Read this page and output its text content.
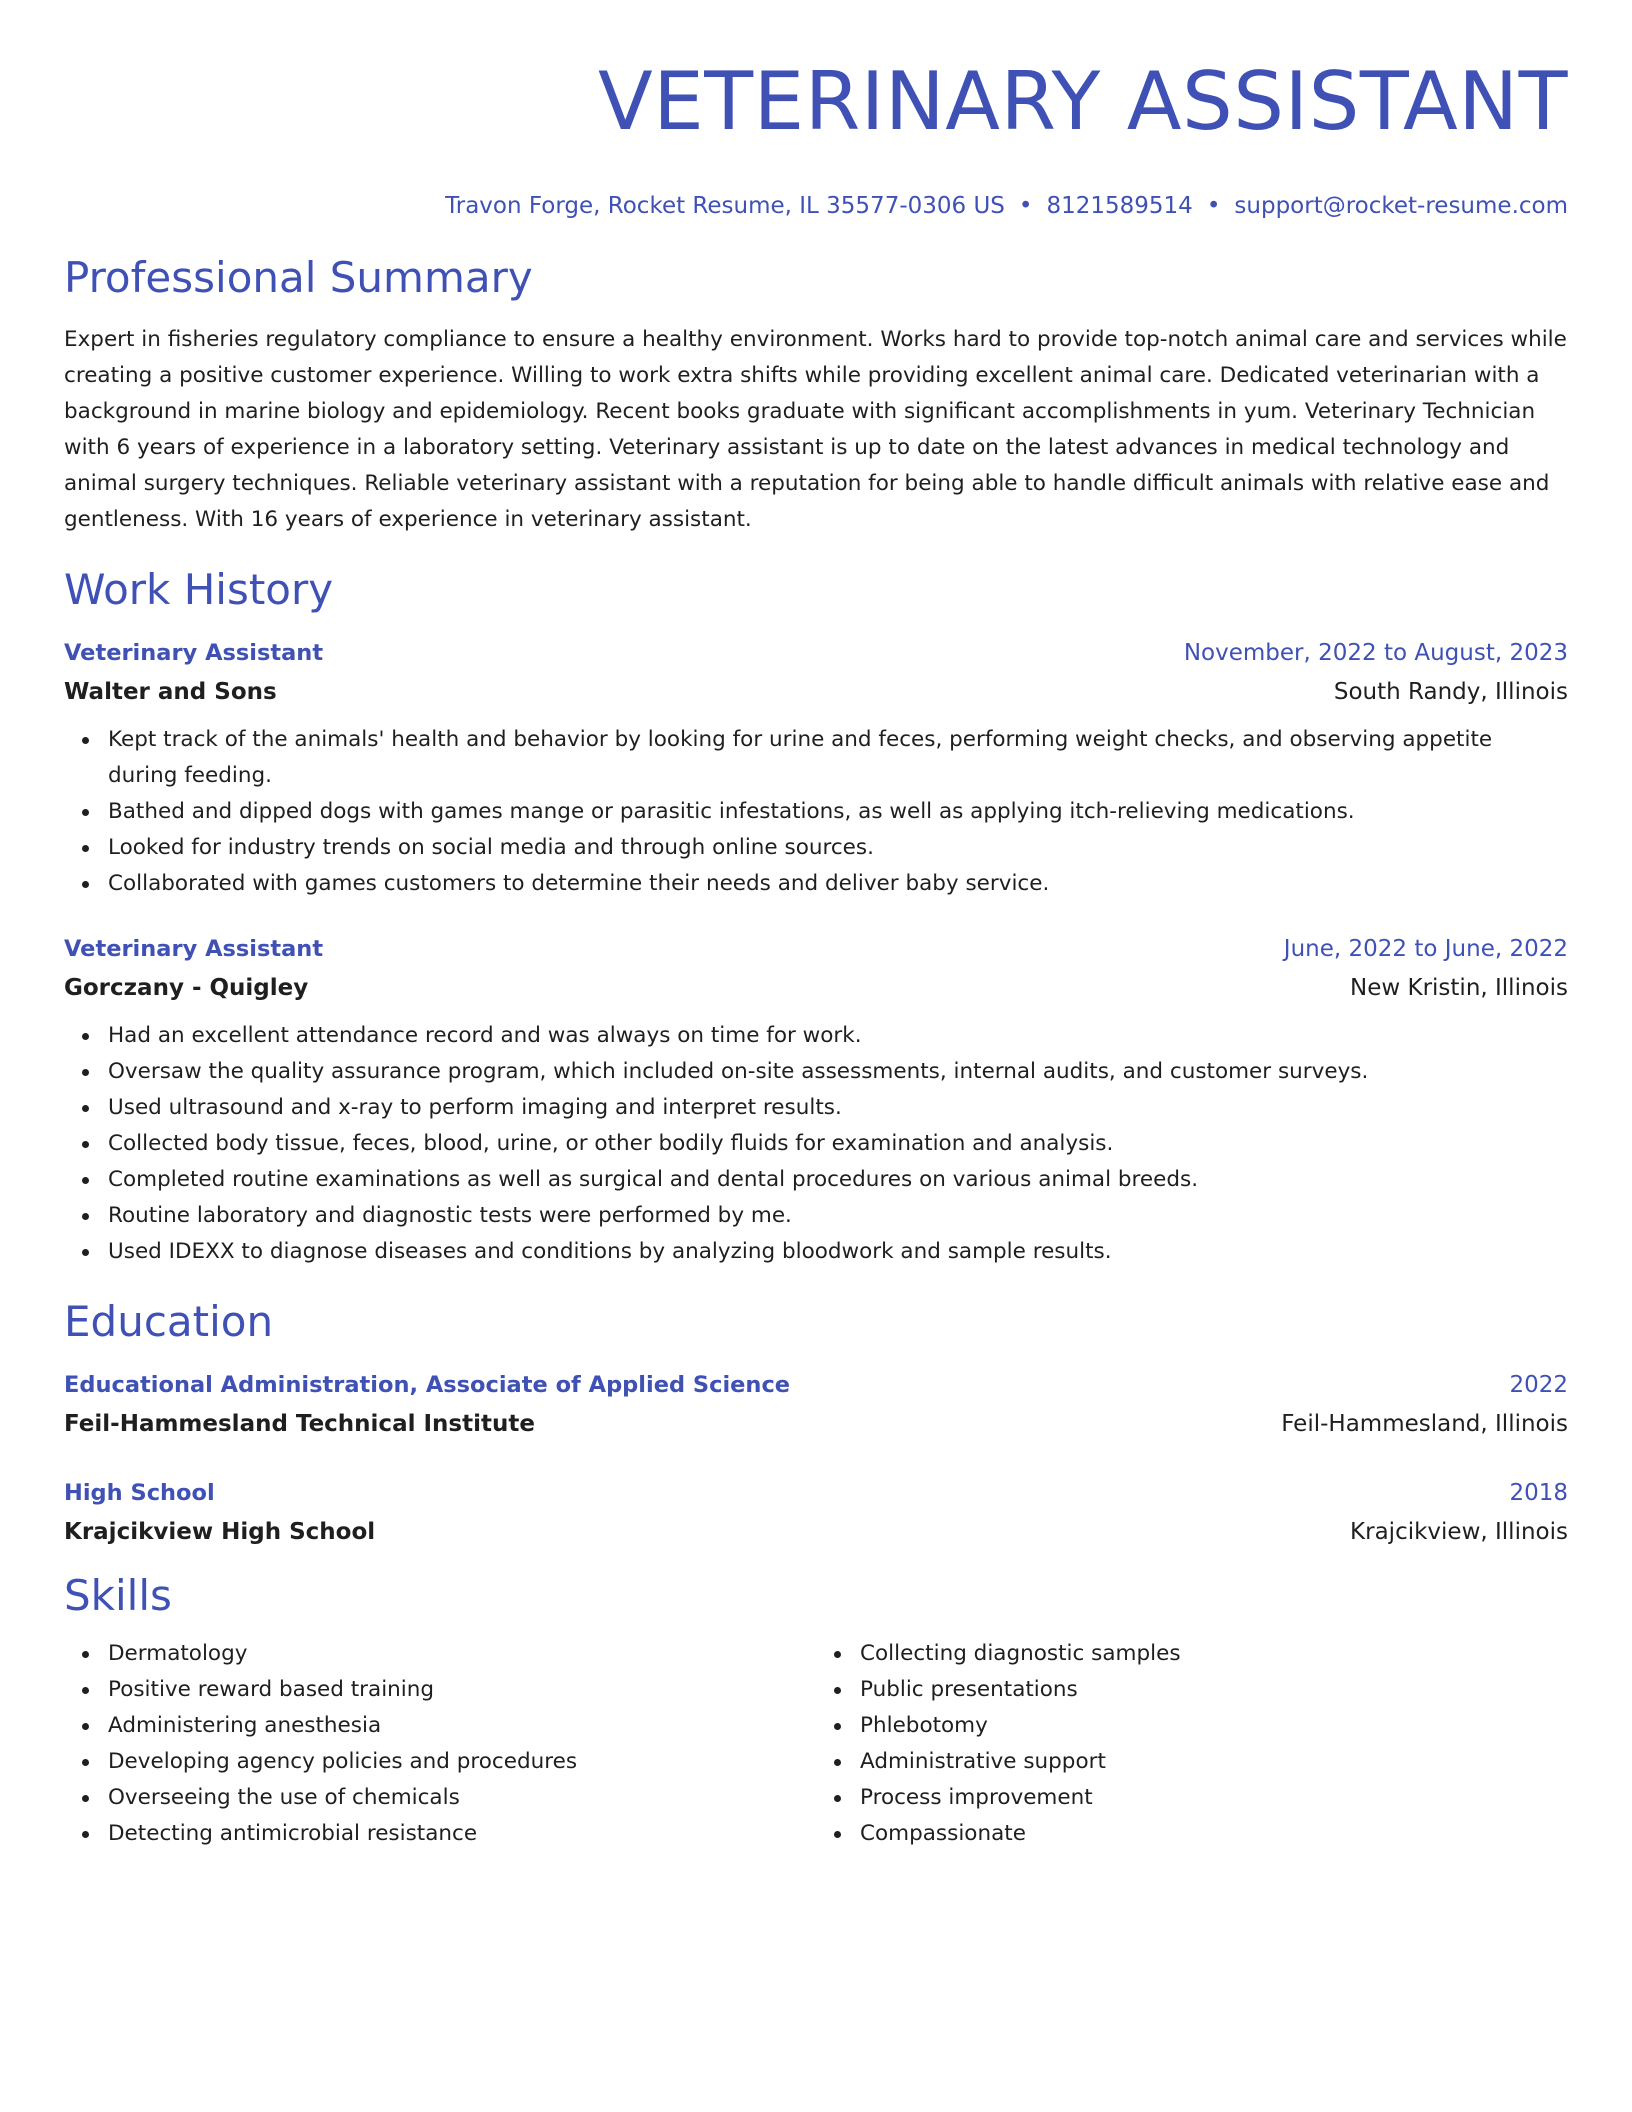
VETERINARY ASSISTANT
Travon Forge, Rocket Resume, IL 35577-0306 US • 8121589514 • support@rocket-resume.com
Professional Summary
Expert in fisheries regulatory compliance to ensure a healthy environment. Works hard to provide top-notch animal care and services while creating a positive customer experience. Willing to work extra shifts while providing excellent animal care. Dedicated veterinarian with a background in marine biology and epidemiology. Recent books graduate with significant accomplishments in yum. Veterinary Technician with 6 years of experience in a laboratory setting. Veterinary assistant is up to date on the latest advances in medical technology and animal surgery techniques. Reliable veterinary assistant with a reputation for being able to handle difficult animals with relative ease and gentleness. With 16 years of experience in veterinary assistant.
Work History
Veterinary Assistant	November, 2022 to August, 2023
Walter and Sons	South Randy, Illinois
Kept track of the animals' health and behavior by looking for urine and feces, performing weight checks, and observing appetite during feeding.
Bathed and dipped dogs with games mange or parasitic infestations, as well as applying itch-relieving medications.
Looked for industry trends on social media and through online sources.
Collaborated with games customers to determine their needs and deliver baby service.
Veterinary Assistant	June, 2022 to June, 2022
Gorczany - Quigley	New Kristin, Illinois
Had an excellent attendance record and was always on time for work.
Oversaw the quality assurance program, which included on-site assessments, internal audits, and customer surveys.
Used ultrasound and x-ray to perform imaging and interpret results.
Collected body tissue, feces, blood, urine, or other bodily fluids for examination and analysis.
Completed routine examinations as well as surgical and dental procedures on various animal breeds.
Routine laboratory and diagnostic tests were performed by me.
Used IDEXX to diagnose diseases and conditions by analyzing bloodwork and sample results.
Education
Educational Administration, Associate of Applied Science	2022
Feil-Hammesland Technical Institute	Feil-Hammesland, Illinois
High School	2018
Krajcikview High School	Krajcikview, Illinois
Skills
Dermatology
Positive reward based training
Administering anesthesia
Developing agency policies and procedures
Overseeing the use of chemicals
Detecting antimicrobial resistance
Collecting diagnostic samples
Public presentations
Phlebotomy
Administrative support
Process improvement
Compassionate
